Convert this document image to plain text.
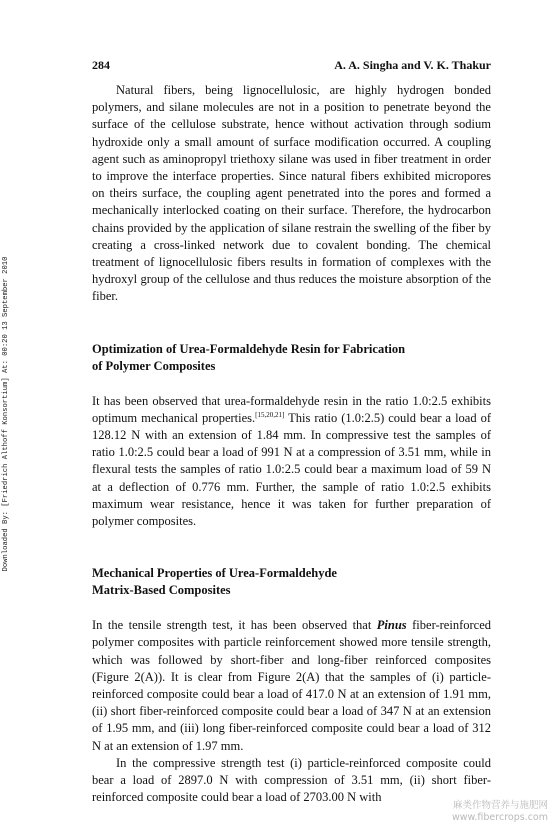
Downloaded By: [Friedrich Althoff Konsortium] At: 00:20 13 September 2010
284	A. A. Singha and V. K. Thakur

Natural fibers, being lignocellulosic, are highly hydrogen bonded polymers, and silane molecules are not in a position to penetrate beyond the surface of the cellulose substrate, hence without activation through sodium hydroxide only a small amount of surface modification occurred. A coupling agent such as aminopropyl triethoxy silane was used in fiber treatment in order to improve the interface properties. Since natural fibers exhibited micropores on theirs surface, the coupling agent penetrated into the pores and formed a mechanically interlocked coating on their surface. Therefore, the hydrocarbon chains provided by the application of silane restrain the swelling of the fiber by creating a cross-linked network due to covalent bonding. The chemical treatment of lignocellulosic fibers results in formation of complexes with the hydroxyl group of the cellulose and thus reduces the moisture absorption of the fiber.

Optimization of Urea-Formaldehyde Resin for Fabrication
of Polymer Composites

It has been observed that urea-formaldehyde resin in the ratio 1.0:2.5 exhibits optimum mechanical properties.[15,20,21] This ratio (1.0:2.5) could bear a load of 128.12 N with an extension of 1.84 mm. In compressive test the samples of ratio 1.0:2.5 could bear a load of 991 N at a compression of 3.51 mm, while in flexural tests the samples of ratio 1.0:2.5 could bear a maximum load of 59 N at a deflection of 0.776 mm. Further, the sample of ratio 1.0:2.5 exhibits maximum wear resistance, hence it was taken for further preparation of polymer composites.

Mechanical Properties of Urea-Formaldehyde
Matrix-Based Composites

In the tensile strength test, it has been observed that Pinus fiber-reinforced polymer composites with particle reinforcement showed more tensile strength, which was followed by short-fiber and long-fiber reinforced composites (Figure 2(A)). It is clear from Figure 2(A) that the samples of (i) particle-reinforced composite could bear a load of 417.0 N at an extension of 1.91 mm, (ii) short fiber-reinforced composite could bear a load of 347 N at an extension of 1.95 mm, and (iii) long fiber-reinforced composite could bear a load of 312 N at an extension of 1.97 mm.

In the compressive strength test (i) particle-reinforced composite could bear a load of 2897.0 N with compression of 3.51 mm, (ii) short fiber-reinforced composite could bear a load of 2703.00 N with

麻类作物营养与施肥网
www.fibercrops.com
